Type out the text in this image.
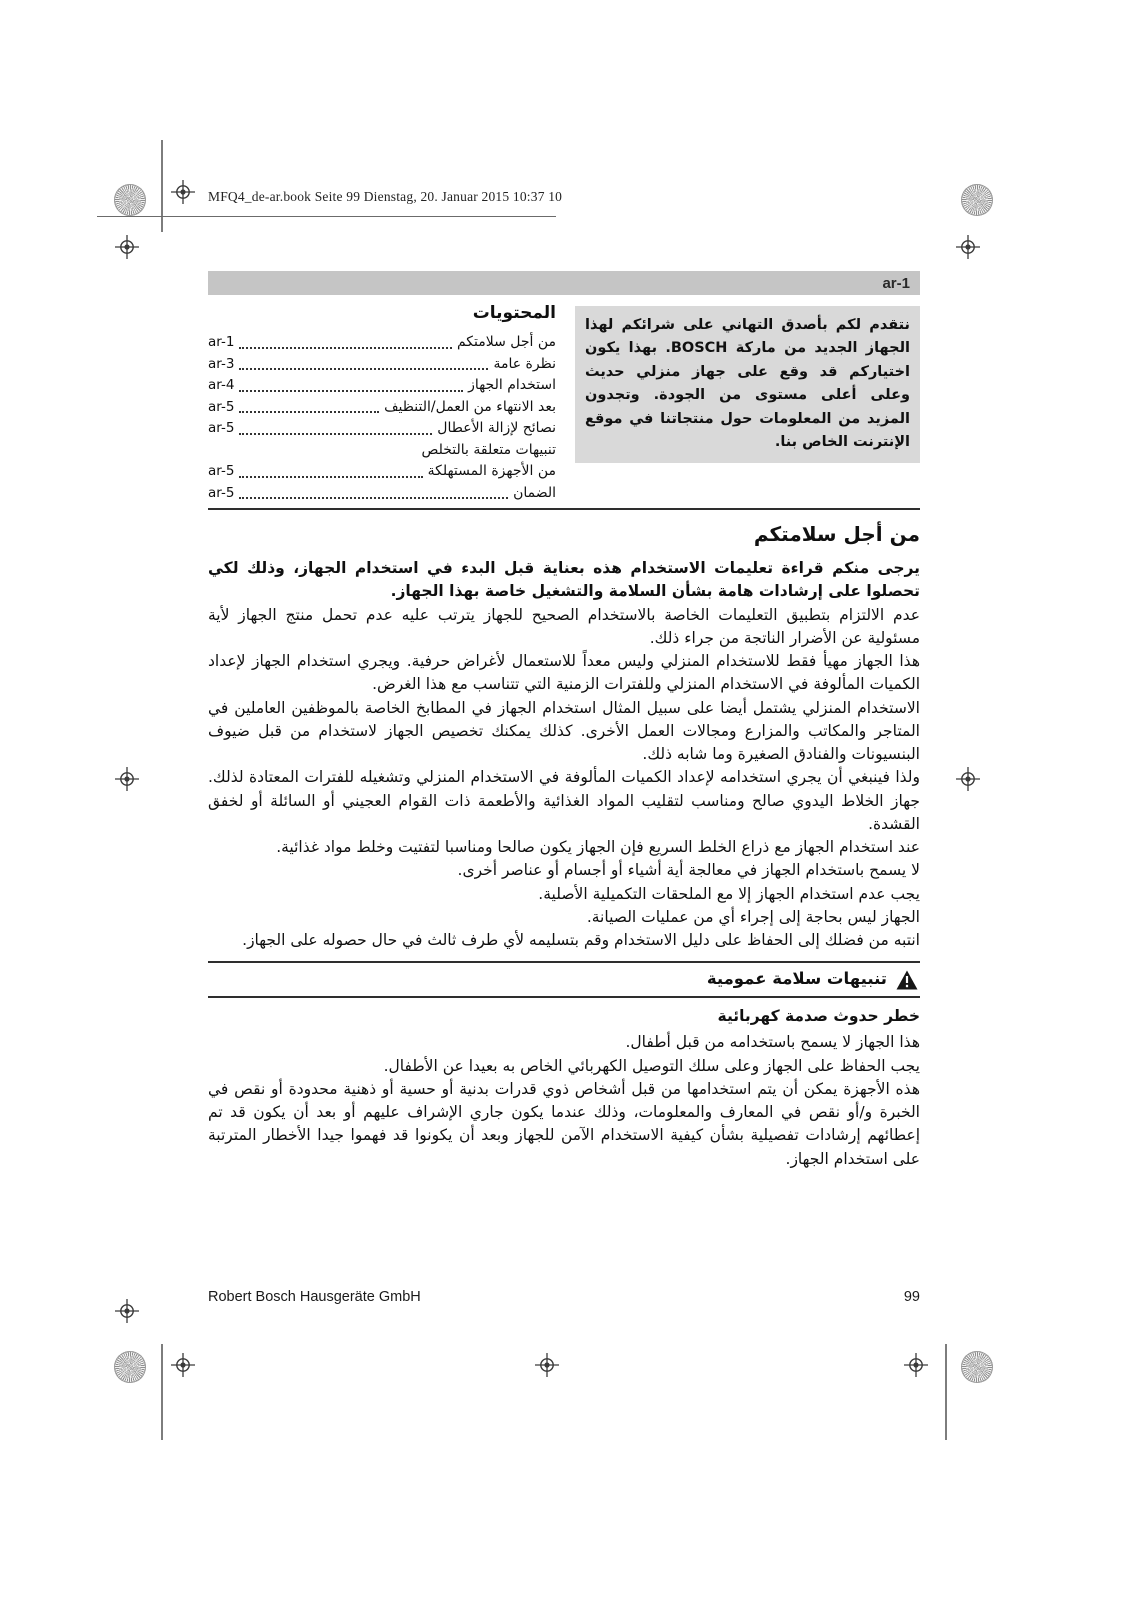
MFQ4_de-ar.book Seite 99 Dienstag, 20. Januar 2015 10:37 10
ar-1
نتقدم لكم بأصدق التهاني على شرائكم لهذا الجهاز الجديد من ماركة BOSCH. بهذا يكون اختياركم قد وقع على جهاز منزلي حديث وعلى أعلى مستوى من الجودة. وتجدون المزيد من المعلومات حول منتجاتنا في موقع الإنترنت الخاص بنا.
المحتويات
من أجل سلامتكم
ar-1
نظرة عامة
ar-3
استخدام الجهاز
ar-4
بعد الانتهاء من العمل/التنظيف
ar-5
نصائح لإزالة الأعطال
ar-5
تنبيهات متعلقة بالتخلص
من الأجهزة المستهلكة
ar-5
الضمان
ar-5
من أجل سلامتكم

يرجى منكم قراءة تعليمات الاستخدام هذه بعناية قبل البدء في استخدام الجهاز، وذلك لكي تحصلوا على إرشادات هامة بشأن السلامة والتشغيل خاصة بهذا الجهاز.

عدم الالتزام بتطبيق التعليمات الخاصة بالاستخدام الصحيح للجهاز يترتب عليه عدم تحمل منتج الجهاز لأية مسئولية عن الأضرار الناتجة من جراء ذلك.

هذا الجهاز مهيأ فقط للاستخدام المنزلي وليس معداً للاستعمال لأغراض حرفية. ويجري استخدام الجهاز لإعداد الكميات المألوفة في الاستخدام المنزلي وللفترات الزمنية التي تتناسب مع هذا الغرض.

الاستخدام المنزلي يشتمل أيضا على سبيل المثال استخدام الجهاز في المطابخ الخاصة بالموظفين العاملين في المتاجر والمكاتب والمزارع ومجالات العمل الأخرى. كذلك يمكنك تخصيص الجهاز لاستخدام من قبل ضيوف البنسيونات والفنادق الصغيرة وما شابه ذلك.

ولذا فينبغي أن يجري استخدامه لإعداد الكميات المألوفة في الاستخدام المنزلي وتشغيله للفترات المعتادة لذلك. جهاز الخلاط اليدوي صالح ومناسب لتقليب المواد الغذائية والأطعمة ذات القوام العجيني أو السائلة أو لخفق القشدة.

عند استخدام الجهاز مع ذراع الخلط السريع فإن الجهاز يكون صالحا ومناسبا لتفتيت وخلط مواد غذائية.

لا يسمح باستخدام الجهاز في معالجة أية أشياء أو أجسام أو عناصر أخرى.

يجب عدم استخدام الجهاز إلا مع الملحقات التكميلية الأصلية.

الجهاز ليس بحاجة إلى إجراء أي من عمليات الصيانة.

انتبه من فضلك إلى الحفاظ على دليل الاستخدام وقم بتسليمه لأي طرف ثالث في حال حصوله على الجهاز.

تنبيهات سلامة عمومية
خطر حدوث صدمة كهربائية

هذا الجهاز لا يسمح باستخدامه من قبل أطفال.

يجب الحفاظ على الجهاز وعلى سلك التوصيل الكهربائي الخاص به بعيدا عن الأطفال.

هذه الأجهزة يمكن أن يتم استخدامها من قبل أشخاص ذوي قدرات بدنية أو حسية أو ذهنية محدودة أو نقص في الخبرة و/أو نقص في المعارف والمعلومات، وذلك عندما يكون جاري الإشراف عليهم أو بعد أن يكون قد تم إعطائهم إرشادات تفصيلية بشأن كيفية الاستخدام الآمن للجهاز وبعد أن يكونوا قد فهموا جيدا الأخطار المترتبة على استخدام الجهاز.

Robert Bosch Hausgeräte GmbH	99
